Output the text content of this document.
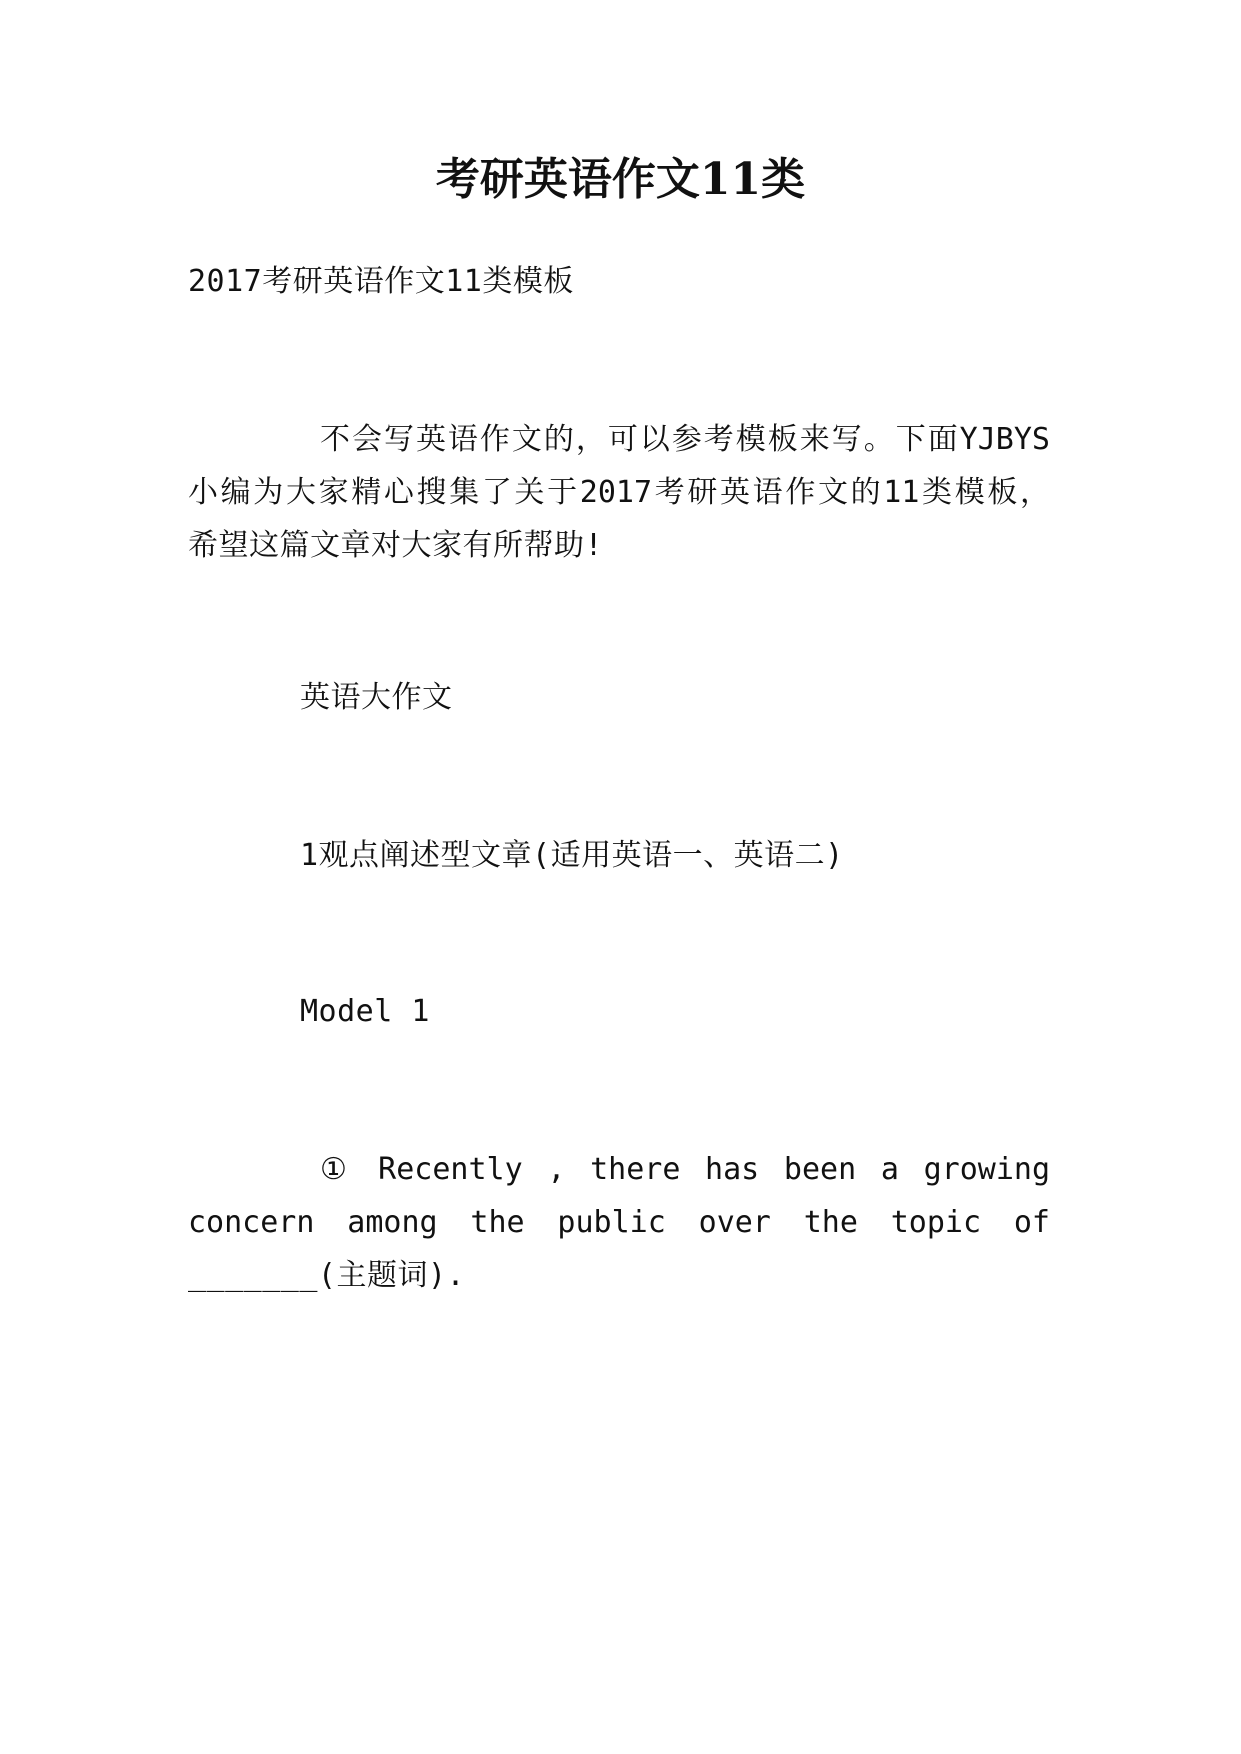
考研英语作文11类

2017考研英语作文11类模板

不会写英语作文的，可以参考模板来写。下面YJBYS

小编为大家精心搜集了关于2017考研英语作文的11类模板，

希望这篇文章对大家有所帮助!

英语大作文

1观点阐述型文章(适用英语一、英语二)

Model 1

① Recently , there has been a growing

concern among the public over the topic of

_______(主题词).
